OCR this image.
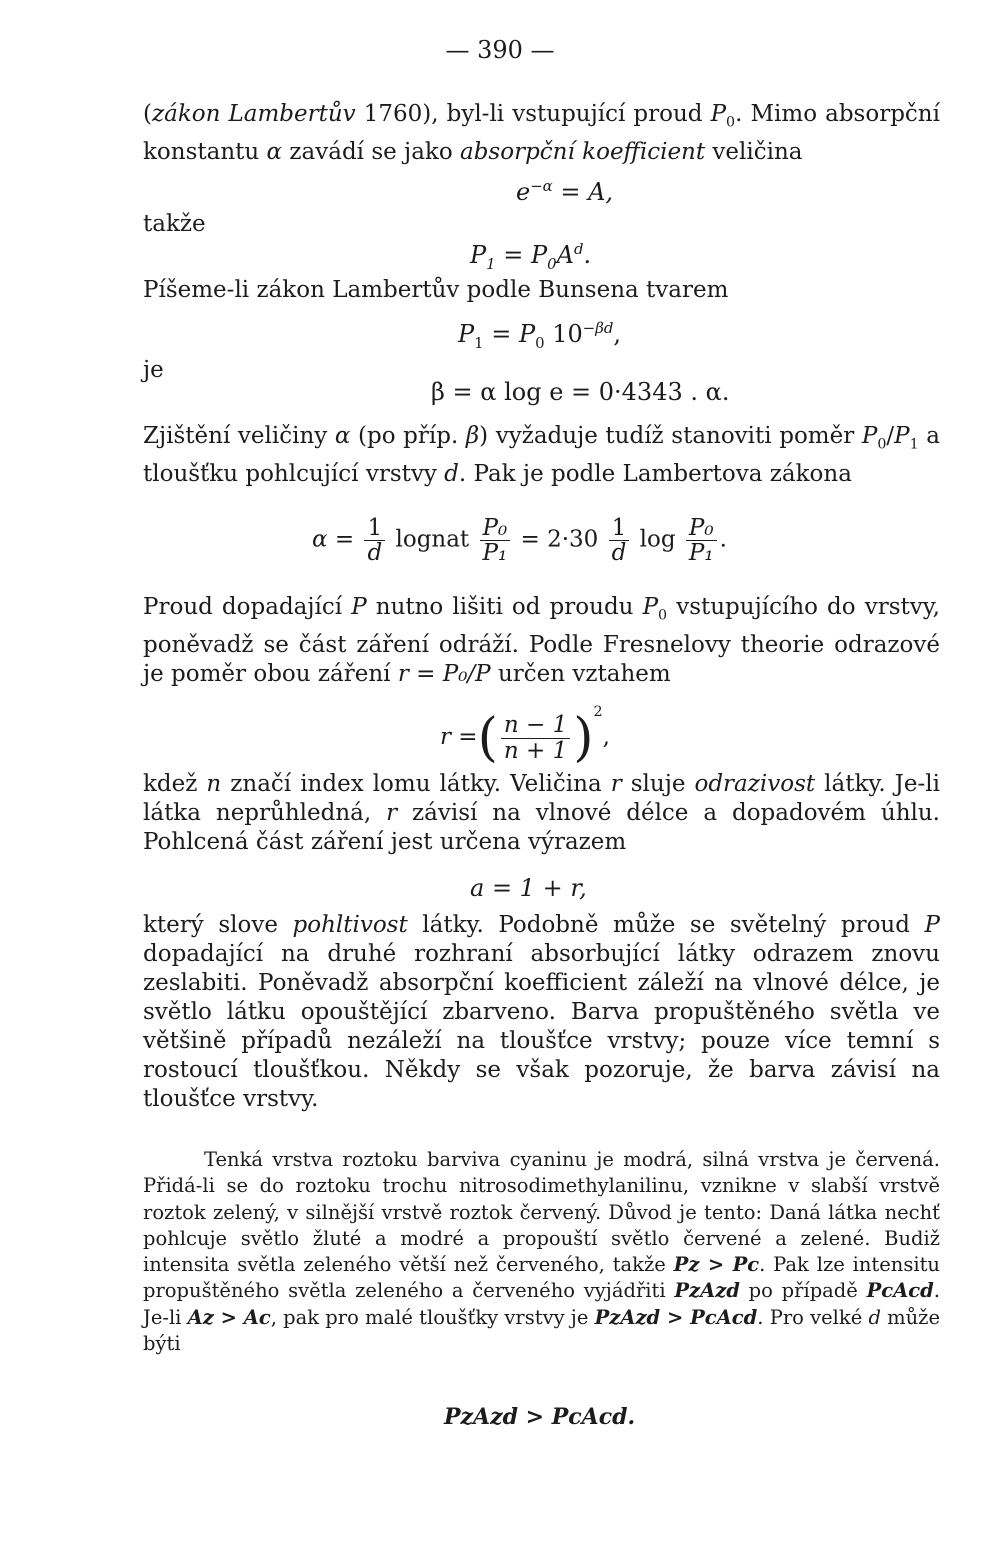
— 390 —

(zákon Lambertův 1760), byl-li vstupující proud $P_0$. Mimo absorpční konstantu α zavádí se jako absorpční koefficient veličina

$e^{-\alpha} = A$,
takže
$P_1 = P_0A^d$.

Píšeme-li zákon Lambertův podle Bunsena tvarem

$P_1 = P_0$ $10^{-\beta d}$,
je
β = α log e = 0·4343 . α.

Zjištění veličiny α (po příp. β) vyžaduje tudíž stanoviti poměr $P_0/P_1$ a tloušťku pohlcující vrstvy d. Pak je podle Lambertova zákona

$\alpha = \frac{1}{d}$ lognat $\frac{\text{P₀}}{\text{P₁}} = 2\cdot 30 \frac{1}{d}$ $\log \frac{\text{P₀}}{\text{P₁}}$ .

Proud dopadající P nutno lišiti od proudu $P_0$ vstupujícího do vrstvy, poněvadž se část záření odráží. Podle Fresnelovy theorie odrazové je poměr obou záření r = P₀/P určen vztahem

r =( $\frac{n - 1}{n + 1} )^2$,

kdež n značí index lomu látky. Veličina r sluje odrazivost látky. Je-li látka neprůhledná, r závisí na vlnové délce a dopadovém úhlu. Pohlcená část záření jest určena výrazem

a = 1 + r,

který slove pohltivost látky. Podobně může se světelný proud P dopadající na druhé rozhraní absorbující látky odrazem znovu zeslabiti. Poněvadž absorpční koefficient záleží na vlnové délce, je světlo látku opouštějící zbarveno. Barva propuštěného světla ve většině případů nezáleží na tloušťce vrstvy; pouze více temní s rostoucí tloušťkou. Někdy se však pozoruje, že barva závisí na tloušťce vrstvy.

Tenká vrstva roztoku barviva cyaninu je modrá, silná vrstva je červená. Přidá-li se do roztoku trochu nitrosodimethylanilinu, vznikne v slabší vrstvě roztok zelený, v silnější vrstvě roztok červený. Důvod je tento: Daná látka nechť pohlcuje světlo žluté a modré a propouští světlo červené a zelené. Budiž intensita světla zeleného větší než červeného, takže Pz > Pc. Pak lze intensitu propuštěného světla zeleného a červeného vyjádřiti PzAzd po případě PcAcd. Je-li Az > Ac, pak pro malé tloušťky vrstvy je PzAzd > PcAcd. Pro velké d může býti

PzAzd > PcAcd.
